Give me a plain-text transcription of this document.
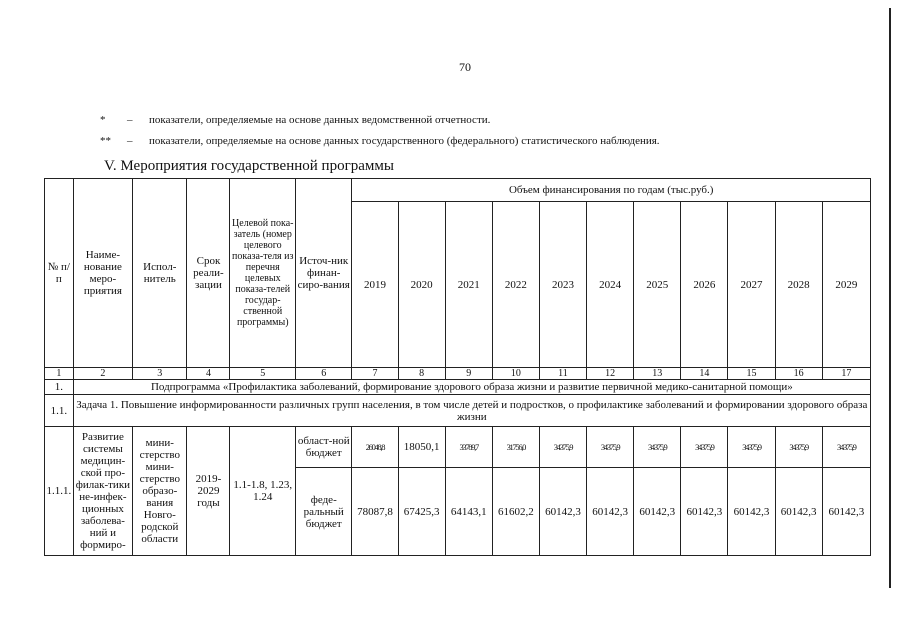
70
*	–	показатели, определяемые на основе данных ведомственной отчетности.
**	–	показатели, определяемые на основе данных государственного (федерального) статистического наблюдения.
V. Мероприятия государственной программы
№ п/п	Наиме-нование меро-приятия	Испол-нитель	Срок реали-зации	Целевой пока-затель (номер целевого показа-теля из перечня целевых показа-телей государ-ственной программы)	Источ-ник финан-сиро-вания	Объем финансирования по годам (тыс.руб.)										
						2019	2020	2021	2022	2023	2024	2025	2026	2027	2028	2029
1	2	3	4	5	6	7	8	9	10	11	12	13	14	15	16	17
1.	Подпрограмма «Профилактика заболеваний, формирование здорового образа жизни и развитие первичной медико-санитарной помощи»															
1.1.	Задача 1. Повышение информированности различных групп населения, в том числе детей и подростков, о профилактике заболеваний и формировании здорового образа жизни															
1.1.1.	Развитие системы медицин-ской про-филак-тики не-инфек-ционных заболева-ний и формиро-	мини-стерство мини-стерство образо-вания Новго-родской области	2019-2029 годы	1.1-1.8, 1.23, 1.24	област-ной бюджет	26048,8	18050,1	33789,7	31756,0	34375,9	34375,9	34375,9	34375,9	34375,9	34375,9	34375,9
					феде-ральный бюджет	78087,8	67425,3	64143,1	61602,2	60142,3	60142,3	60142,3	60142,3	60142,3	60142,3	60142,3
